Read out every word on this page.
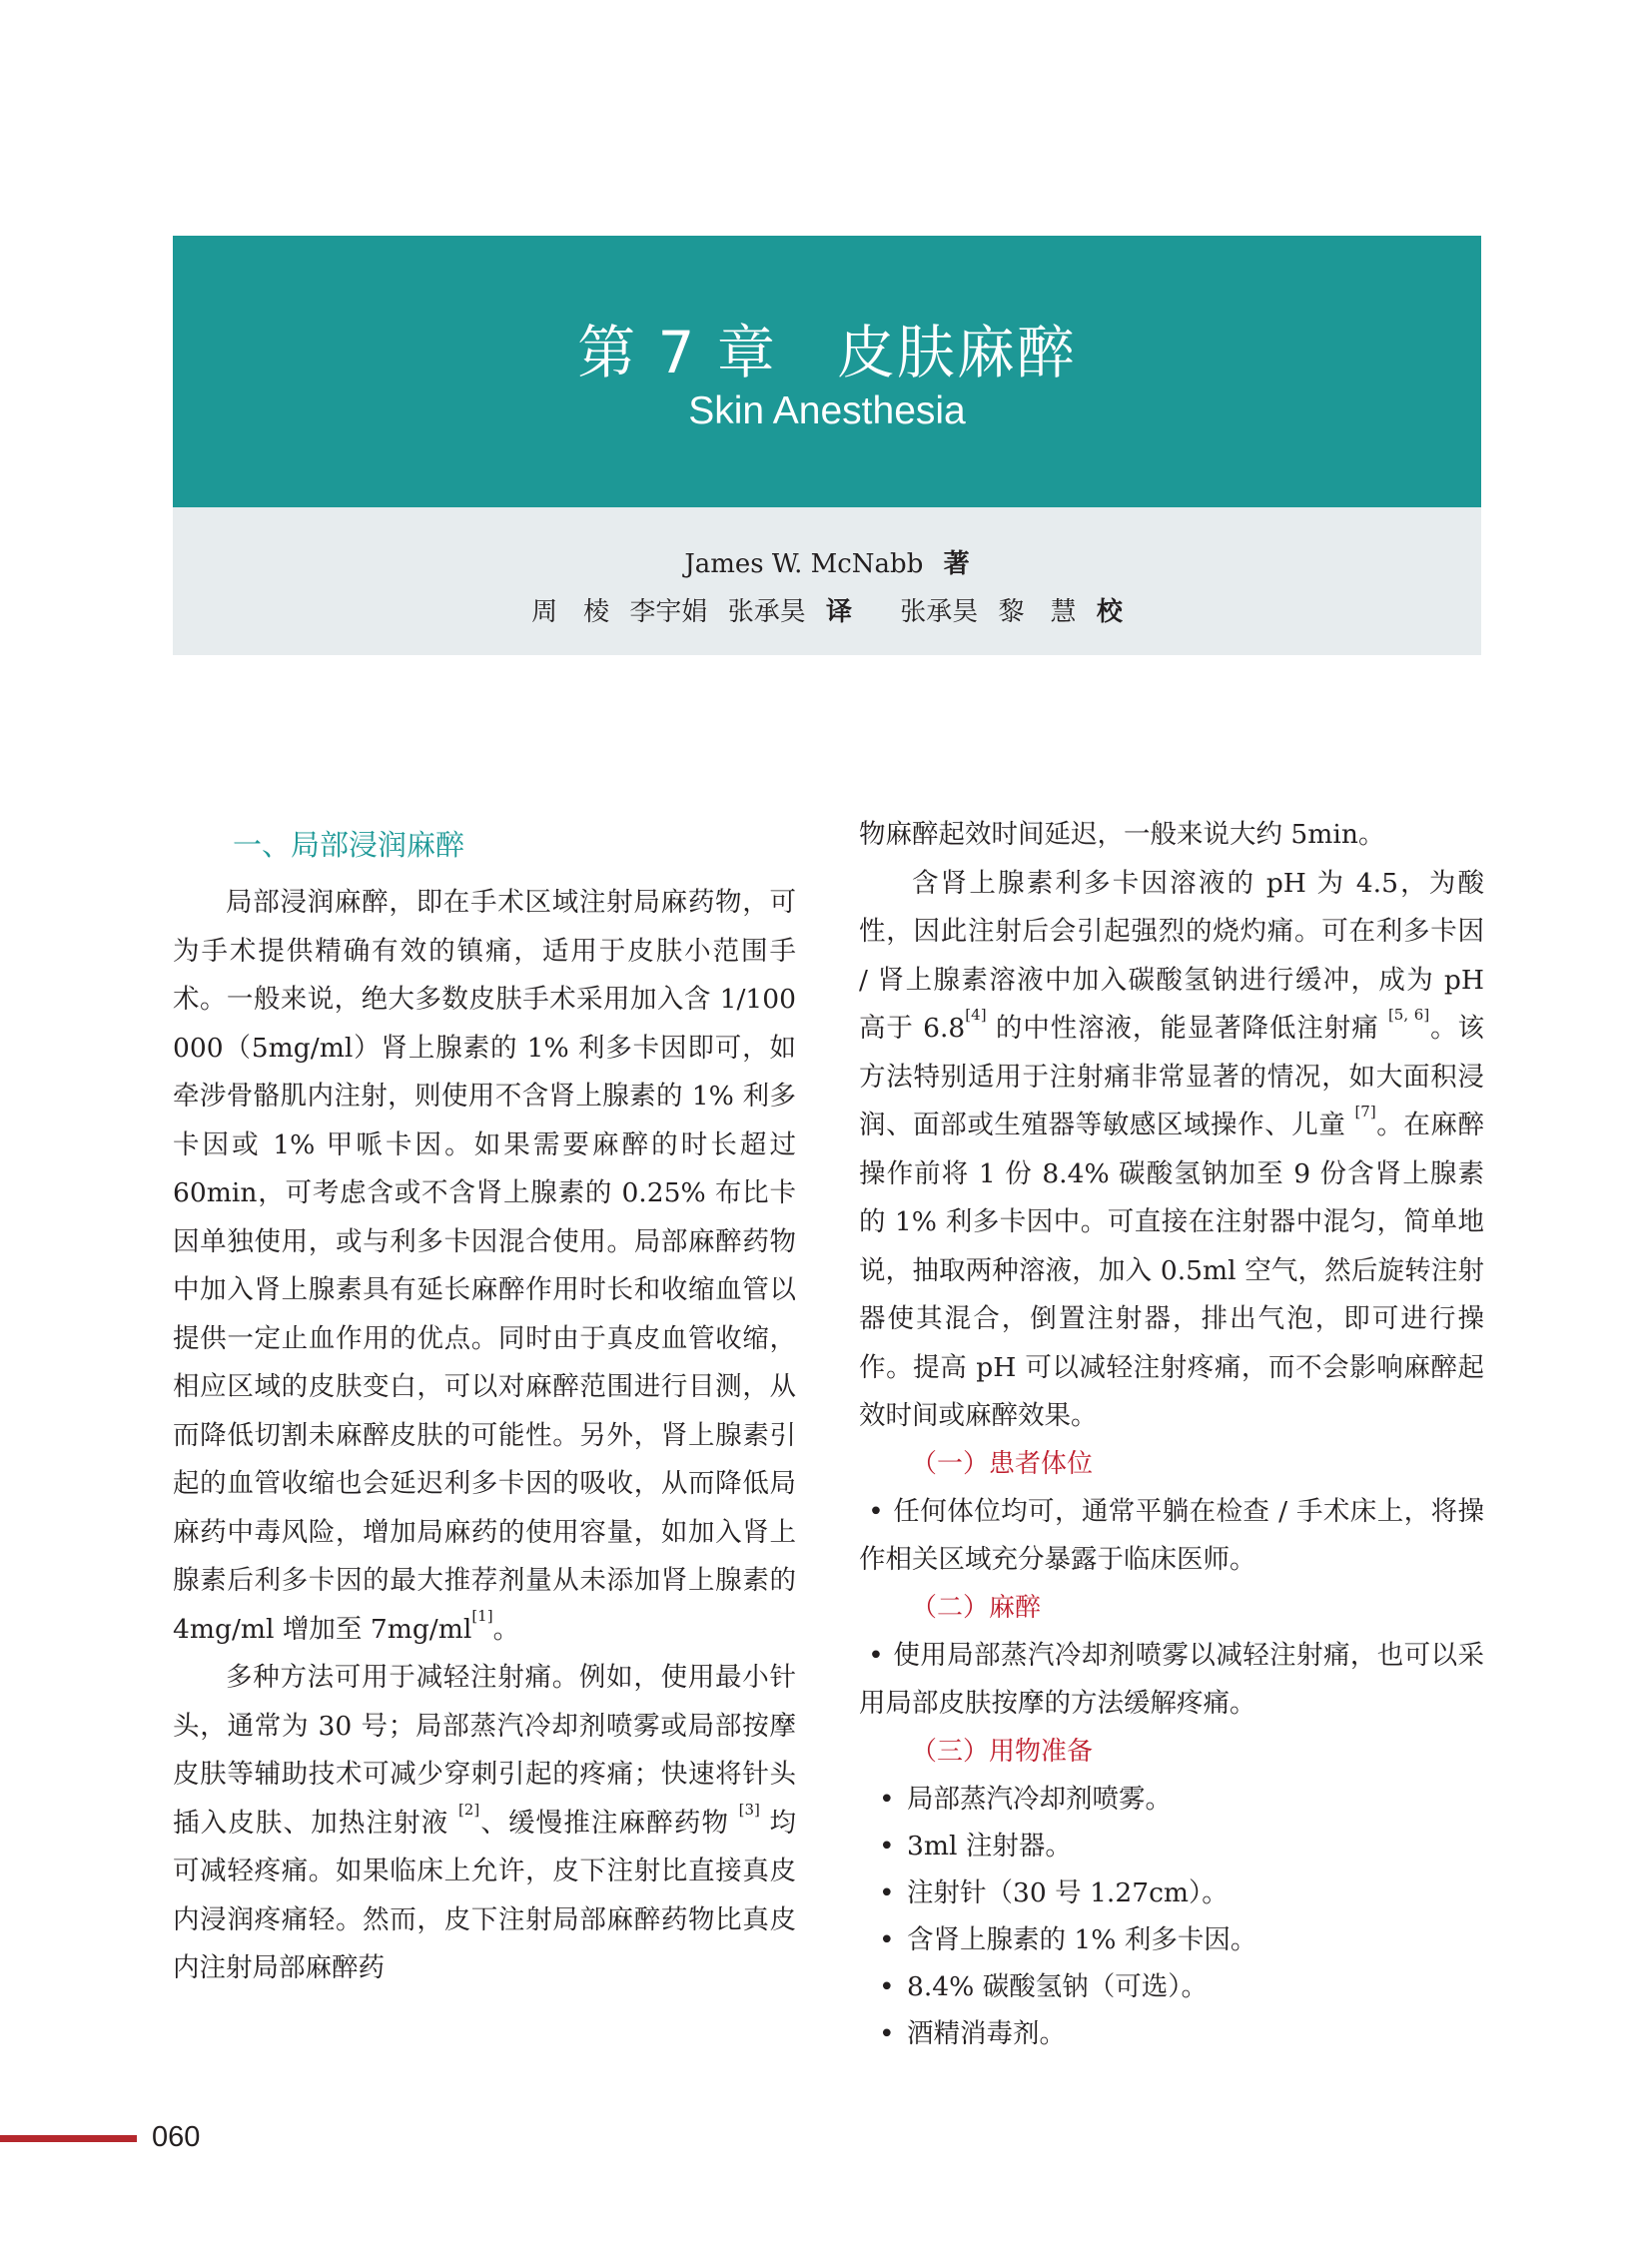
第 7 章　皮肤麻醉
Skin Anesthesia
James W. McNabb 著
周　棱 李宇娟 张承昊 译 张承昊 黎　慧 校
一、局部浸润麻醉

局部浸润麻醉，即在手术区域注射局麻药物，可为手术提供精确有效的镇痛，适用于皮肤小范围手术。一般来说，绝大多数皮肤手术采用加入含 1/100 000（5mg/ml）肾上腺素的 1% 利多卡因即可，如牵涉骨骼肌内注射，则使用不含肾上腺素的 1% 利多卡因或 1% 甲哌卡因。如果需要麻醉的时长超过 60min，可考虑含或不含肾上腺素的 0.25% 布比卡因单独使用，或与利多卡因混合使用。局部麻醉药物中加入肾上腺素具有延长麻醉作用时长和收缩血管以提供一定止血作用的优点。同时由于真皮血管收缩，相应区域的皮肤变白，可以对麻醉范围进行目测，从而降低切割未麻醉皮肤的可能性。另外，肾上腺素引起的血管收缩也会延迟利多卡因的吸收，从而降低局麻药中毒风险，增加局麻药的使用容量，如加入肾上腺素后利多卡因的最大推荐剂量从未添加肾上腺素的 4mg/ml 增加至 7mg/ml[1]。

多种方法可用于减轻注射痛。例如，使用最小针头，通常为 30 号；局部蒸汽冷却剂喷雾或局部按摩皮肤等辅助技术可减少穿刺引起的疼痛；快速将针头插入皮肤、加热注射液 [2]、缓慢推注麻醉药物 [3] 均可减轻疼痛。如果临床上允许，皮下注射比直接真皮内浸润疼痛轻。然而，皮下注射局部麻醉药物比真皮内注射局部麻醉药

物麻醉起效时间延迟，一般来说大约 5min。

含肾上腺素利多卡因溶液的 pH 为 4.5，为酸性，因此注射后会引起强烈的烧灼痛。可在利多卡因 / 肾上腺素溶液中加入碳酸氢钠进行缓冲，成为 pH 高于 6.8[4] 的中性溶液，能显著降低注射痛 [5, 6]。该方法特别适用于注射痛非常显著的情况，如大面积浸润、面部或生殖器等敏感区域操作、儿童 [7]。在麻醉操作前将 1 份 8.4% 碳酸氢钠加至 9 份含肾上腺素的 1% 利多卡因中。可直接在注射器中混匀，简单地说，抽取两种溶液，加入 0.5ml 空气，然后旋转注射器使其混合，倒置注射器，排出气泡，即可进行操作。提高 pH 可以减轻注射疼痛，而不会影响麻醉起效时间或麻醉效果。

（一）患者体位

• 任何体位均可，通常平躺在检查 / 手术床上，将操作相关区域充分暴露于临床医师。

（二）麻醉

• 使用局部蒸汽冷却剂喷雾以减轻注射痛，也可以采用局部皮肤按摩的方法缓解疼痛。

（三）用物准备
• 局部蒸汽冷却剂喷雾。
• 3ml 注射器。
• 注射针（30 号 1.27cm）。
• 含肾上腺素的 1% 利多卡因。
• 8.4% 碳酸氢钠（可选）。
• 酒精消毒剂。
060
